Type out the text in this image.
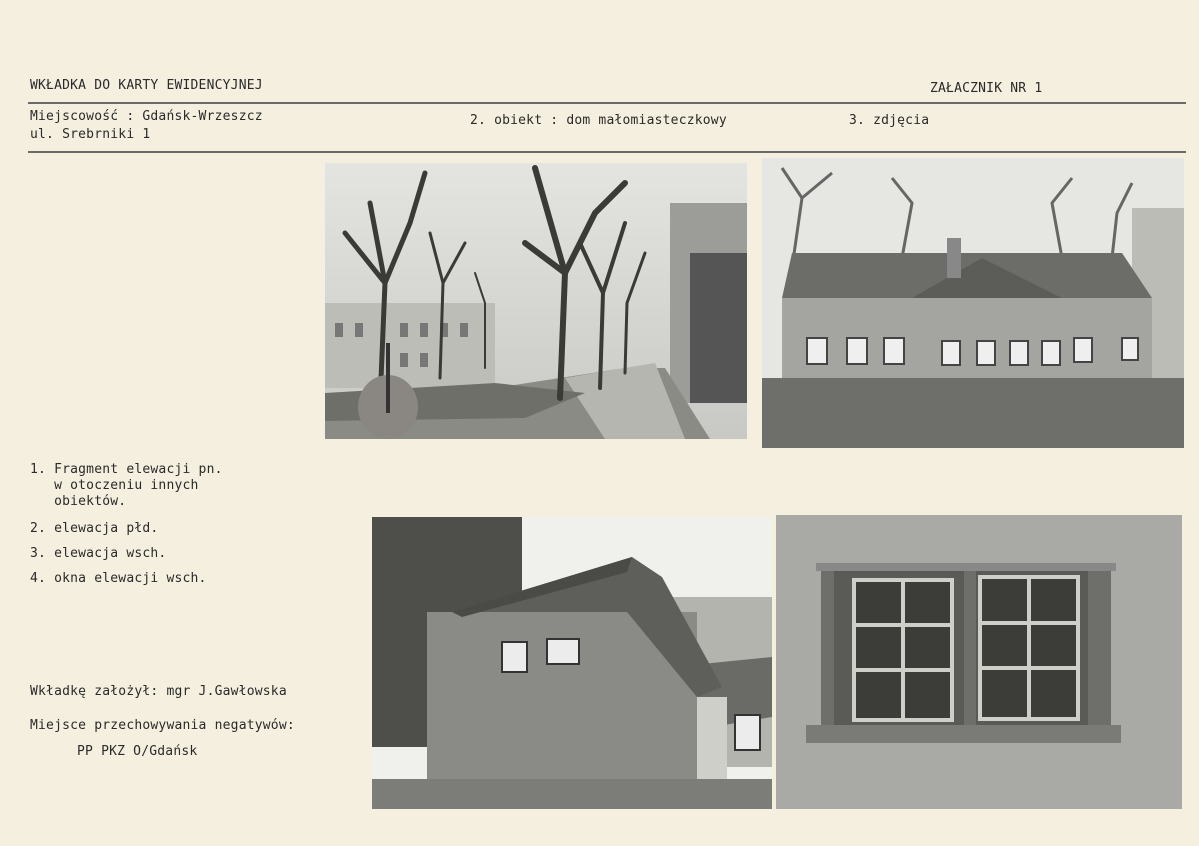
WKŁADKA DO KARTY EWIDENCYJNEJ	ZAŁACZNIK NR 1
Miejscowość : Gdańsk-Wrzeszcz
ul. Srebrniki 1
2. obiekt : dom małomiasteczkowy	3. zdjęcia
1. Fragment elewacji pn.
w otoczeniu innych
obiektów.
2. elewacja płd.
3. elewacja wsch.
4. okna elewacji wsch.
Wkładkę założył: mgr J.Gawłowska
Miejsce przechowywania negatywów:
PP PKZ O/Gdańsk
